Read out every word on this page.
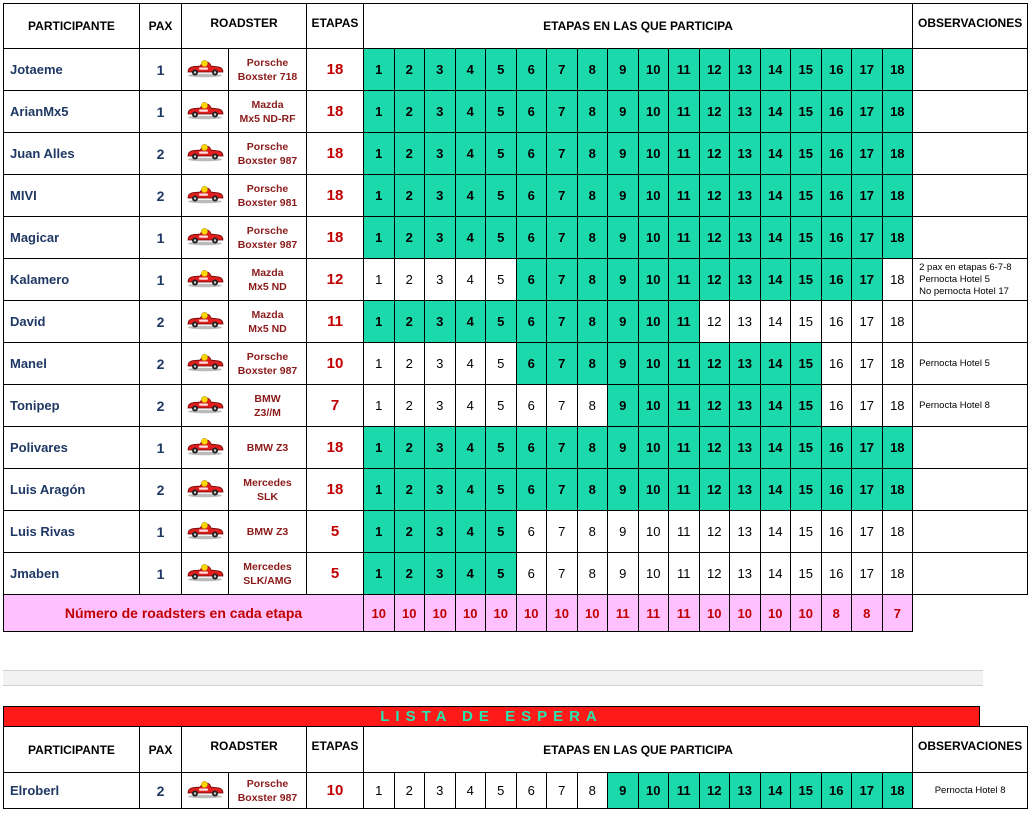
PARTICIPANTE	PAX	ROADSTER		ETAPAS	ETAPAS EN LAS QUE PARTICIPA																		OBSERVACIONES
Jotaeme	1		Porsche
Boxster 718	18	1	2	3	4	5	6	7	8	9	10	11	12	13	14	15	16	17	18	
ArianMx5	1		Mazda
Mx5 ND-RF	18	1	2	3	4	5	6	7	8	9	10	11	12	13	14	15	16	17	18	
Juan Alles	2		Porsche
Boxster 987	18	1	2	3	4	5	6	7	8	9	10	11	12	13	14	15	16	17	18	
MIVI	2		Porsche
Boxster 981	18	1	2	3	4	5	6	7	8	9	10	11	12	13	14	15	16	17	18	
Magicar	1		Porsche
Boxster 987	18	1	2	3	4	5	6	7	8	9	10	11	12	13	14	15	16	17	18	
Kalamero	1		Mazda
Mx5 ND	12	1	2	3	4	5	6	7	8	9	10	11	12	13	14	15	16	17	18	2 pax en etapas 6-7-8
Pernocta Hotel 5
No pernocta Hotel 17
David	2		Mazda
Mx5 ND	11	1	2	3	4	5	6	7	8	9	10	11	12	13	14	15	16	17	18	
Manel	2		Porsche
Boxster 987	10	1	2	3	4	5	6	7	8	9	10	11	12	13	14	15	16	17	18	Pernocta Hotel 5
Tonipep	2		BMW
Z3//M	7	1	2	3	4	5	6	7	8	9	10	11	12	13	14	15	16	17	18	Pernocta Hotel 8
Polivares	1		BMW Z3	18	1	2	3	4	5	6	7	8	9	10	11	12	13	14	15	16	17	18	
Luis Aragón	2		Mercedes
SLK	18	1	2	3	4	5	6	7	8	9	10	11	12	13	14	15	16	17	18	
Luis Rivas	1		BMW Z3	5	1	2	3	4	5	6	7	8	9	10	11	12	13	14	15	16	17	18	
Jmaben	1		Mercedes
SLK/AMG	5	1	2	3	4	5	6	7	8	9	10	11	12	13	14	15	16	17	18	
Número de roadsters en cada etapa					10	10	10	10	10	10	10	10	11	11	11	10	10	10	10	8	8	7	
LISTA DE ESPERA
PARTICIPANTE	PAX	ROADSTER		ETAPAS	ETAPAS EN LAS QUE PARTICIPA																		OBSERVACIONES
Elroberl	2		Porsche
Boxster 987	10	1	2	3	4	5	6	7	8	9	10	11	12	13	14	15	16	17	18	Pernocta Hotel 8
